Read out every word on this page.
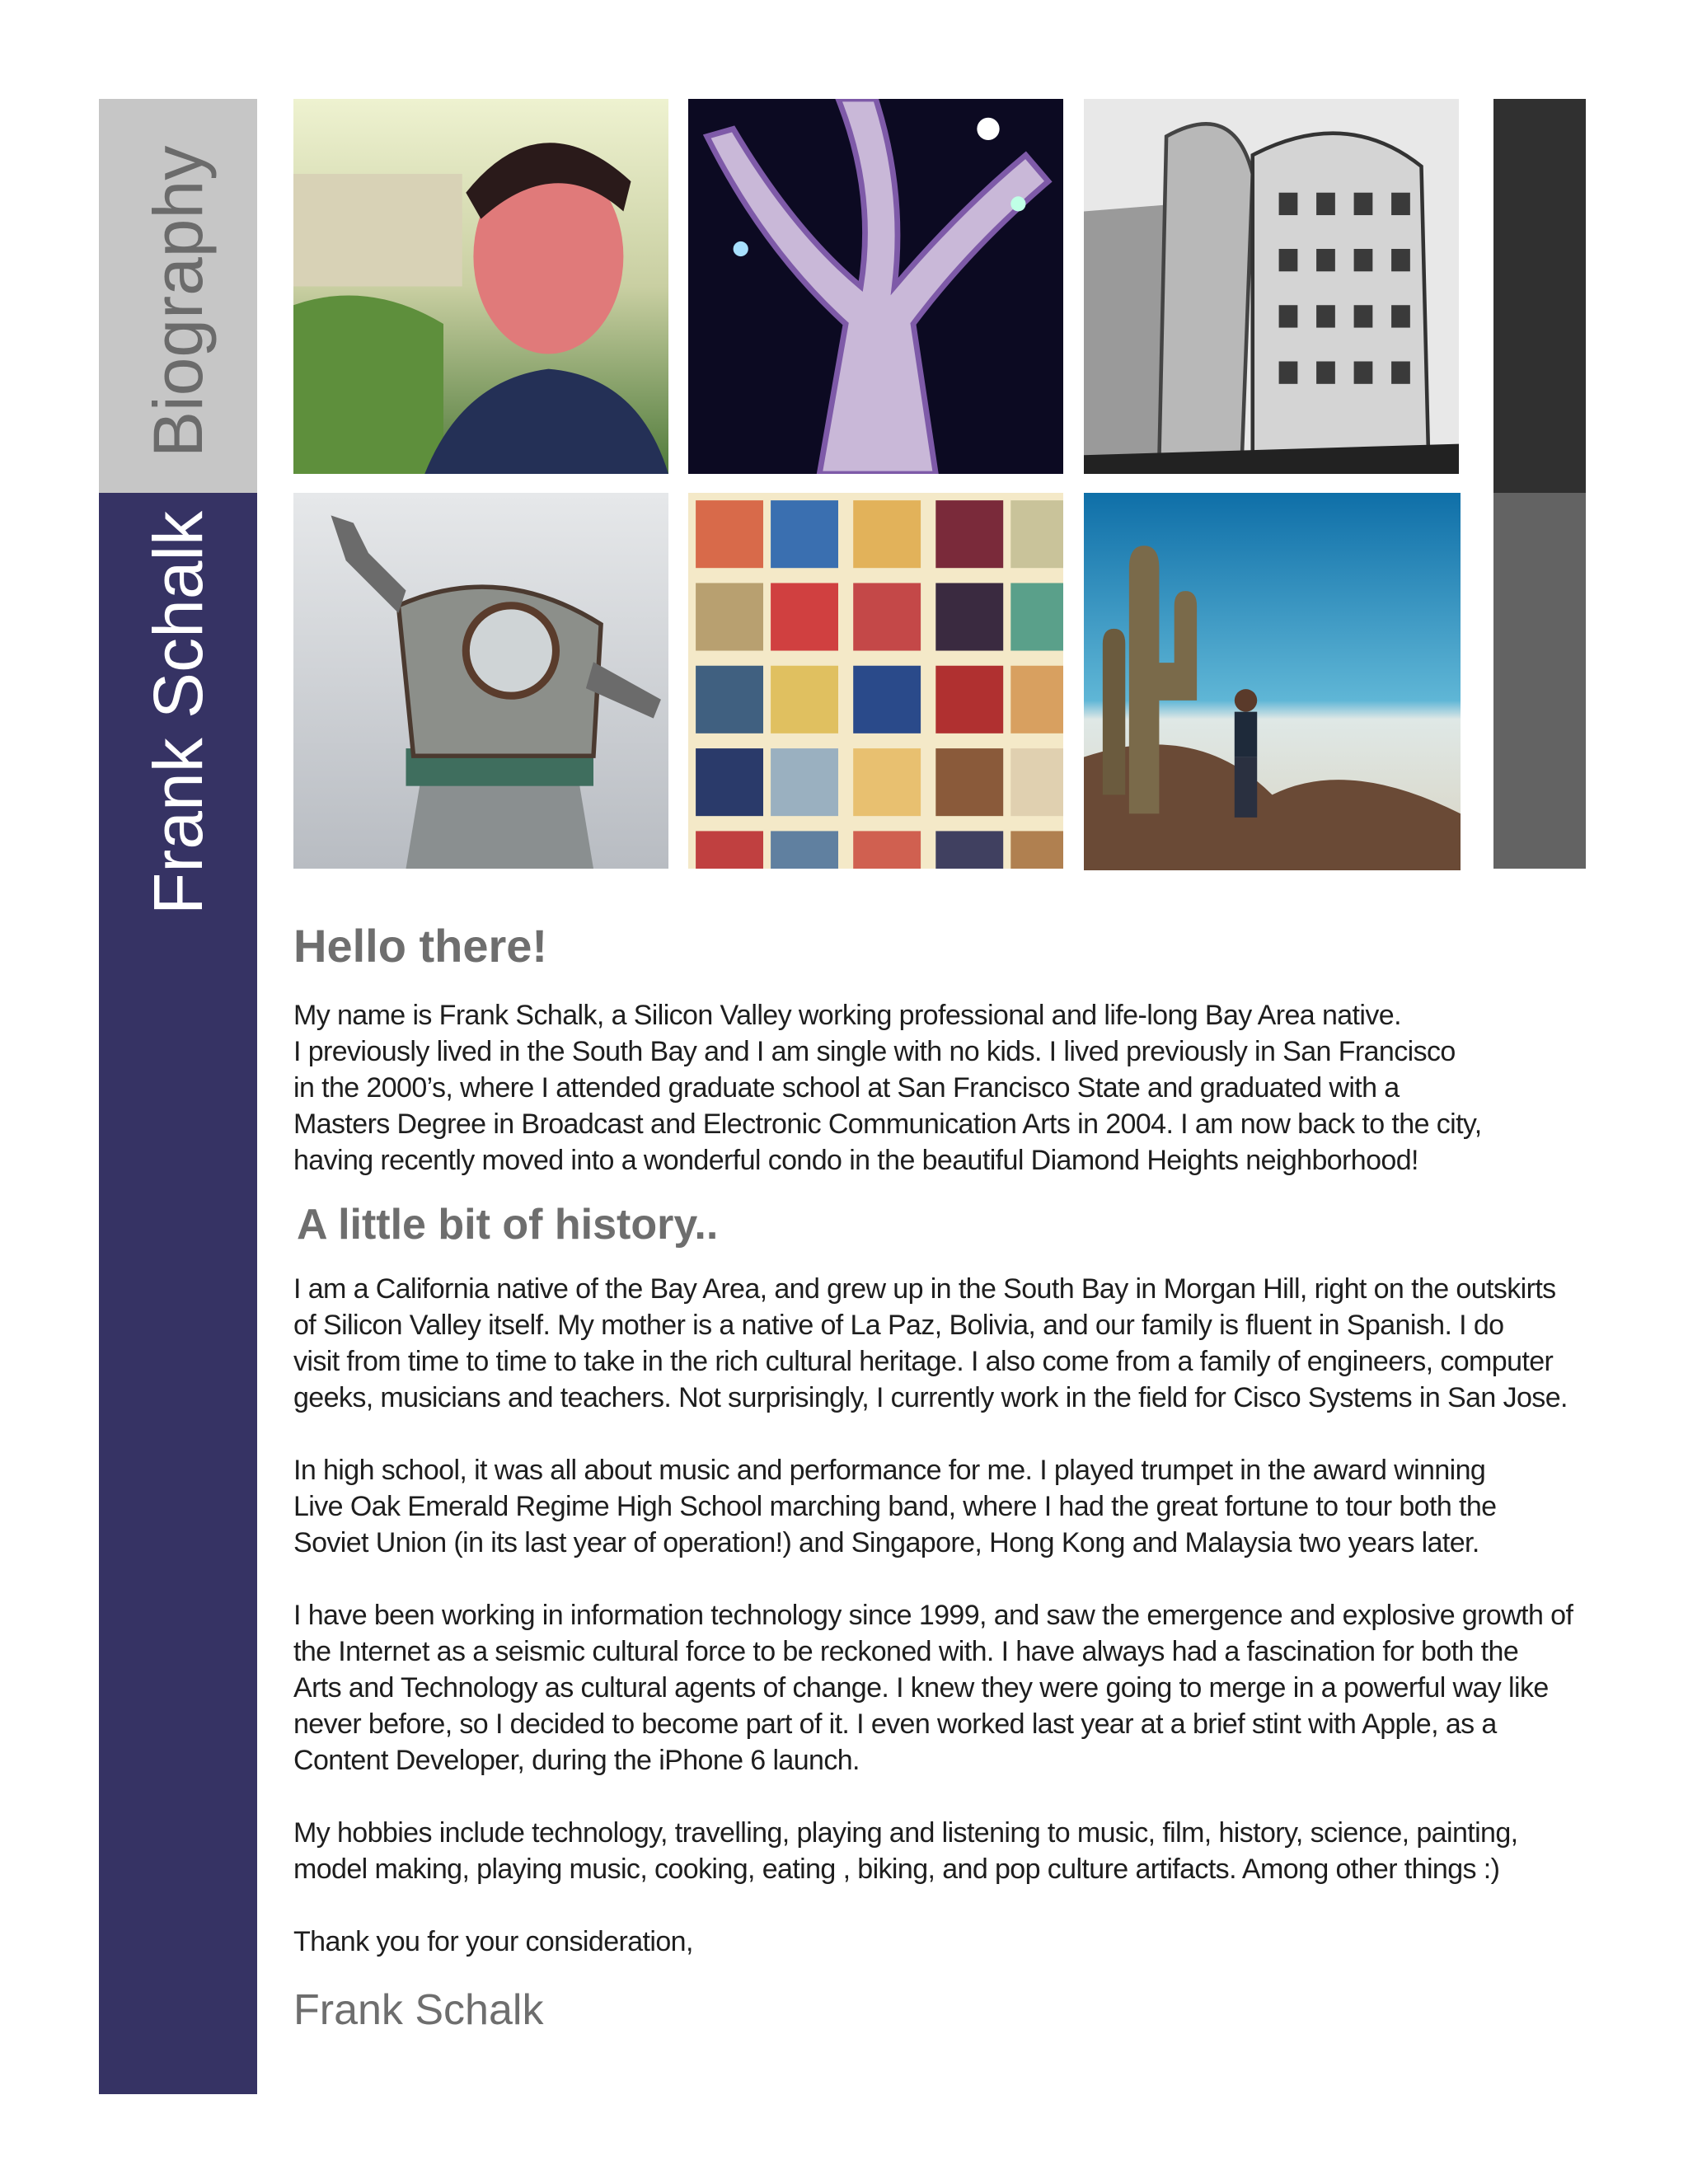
Biography
Frank Schalk
Hello there!

My name is Frank Schalk, a Silicon Valley working professional and life-long Bay Area native.
I previously lived in the South Bay and I am single with no kids. I lived previously in San Francisco
in the 2000’s, where I attended graduate school at San Francisco State and graduated with a
Masters Degree in Broadcast and Electronic Communication Arts in 2004. I am now back to the city,
having recently moved into a wonderful condo in the beautiful Diamond Heights neighborhood!

A little bit of history..

I am a California native of the Bay Area, and grew up in the South Bay in Morgan Hill, right on the outskirts
of Silicon Valley itself. My mother is a native of La Paz, Bolivia, and our family is fluent in Spanish. I do
visit from time to time to take in the rich cultural heritage. I also come from a family of engineers, computer
geeks, musicians and teachers. Not surprisingly, I currently work in the field for Cisco Systems in San Jose.

In high school, it was all about music and performance for me. I played trumpet in the award winning
Live Oak Emerald Regime High School marching band, where I had the great fortune to tour both the
Soviet Union (in its last year of operation!) and Singapore, Hong Kong and Malaysia two years later.

I have been working in information technology since 1999, and saw the emergence and explosive growth of
the Internet as a seismic cultural force to be reckoned with. I have always had a fascination for both the
Arts and Technology as cultural agents of change. I knew they were going to merge in a powerful way like
never before, so I decided to become part of it. I even worked last year at a brief stint with Apple, as a
Content Developer, during the iPhone 6 launch.

My hobbies include technology, travelling, playing and listening to music, film, history, science, painting,
model making, playing music, cooking, eating , biking, and pop culture artifacts. Among other things :)

Thank you for your consideration,

Frank Schalk
